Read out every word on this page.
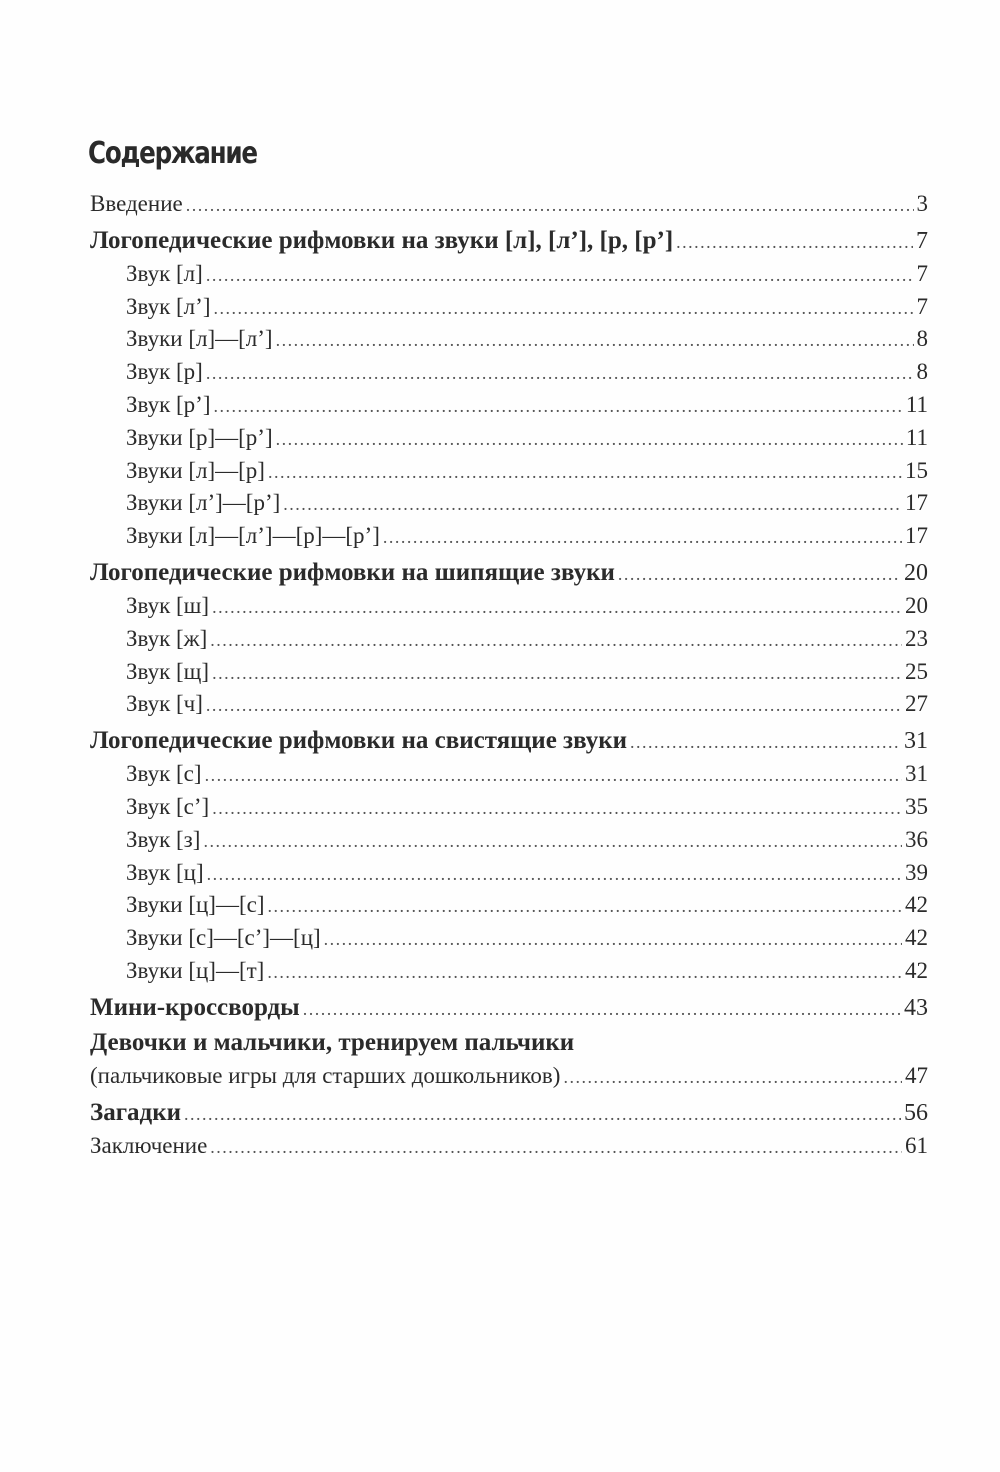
Содержание
Введение .....	3
Логопедические рифмовки на звуки [л], [л’], [р, [р’] .....	7
Звук [л] .....	7
Звук [л’] .....	7
Звуки [л]—[л’] .....	8
Звук [р] .....	8
Звук [р’] .....	11
Звуки [р]—[р’] .....	11
Звуки [л]—[р] .....	15
Звуки [л’]—[р’] .....	17
Звуки [л]—[л’]—[р]—[р’] .....	17
Логопедические рифмовки на шипящие звуки .....	20
Звук [ш] .....	20
Звук [ж] .....	23
Звук [щ] .....	25
Звук [ч] .....	27
Логопедические рифмовки на свистящие звуки .....	31
Звук [с] .....	31
Звук [с’] .....	35
Звук [з] .....	36
Звук [ц] .....	39
Звуки [ц]—[с] .....	42
Звуки [с]—[с’]—[ц] .....	42
Звуки [ц]—[т] .....	42
Мини-кроссворды .....	43
Девочки и мальчики, тренируем пальчики
(пальчиковые игры для старших дошкольников) .....	47
Загадки .....	56
Заключение .....	61
